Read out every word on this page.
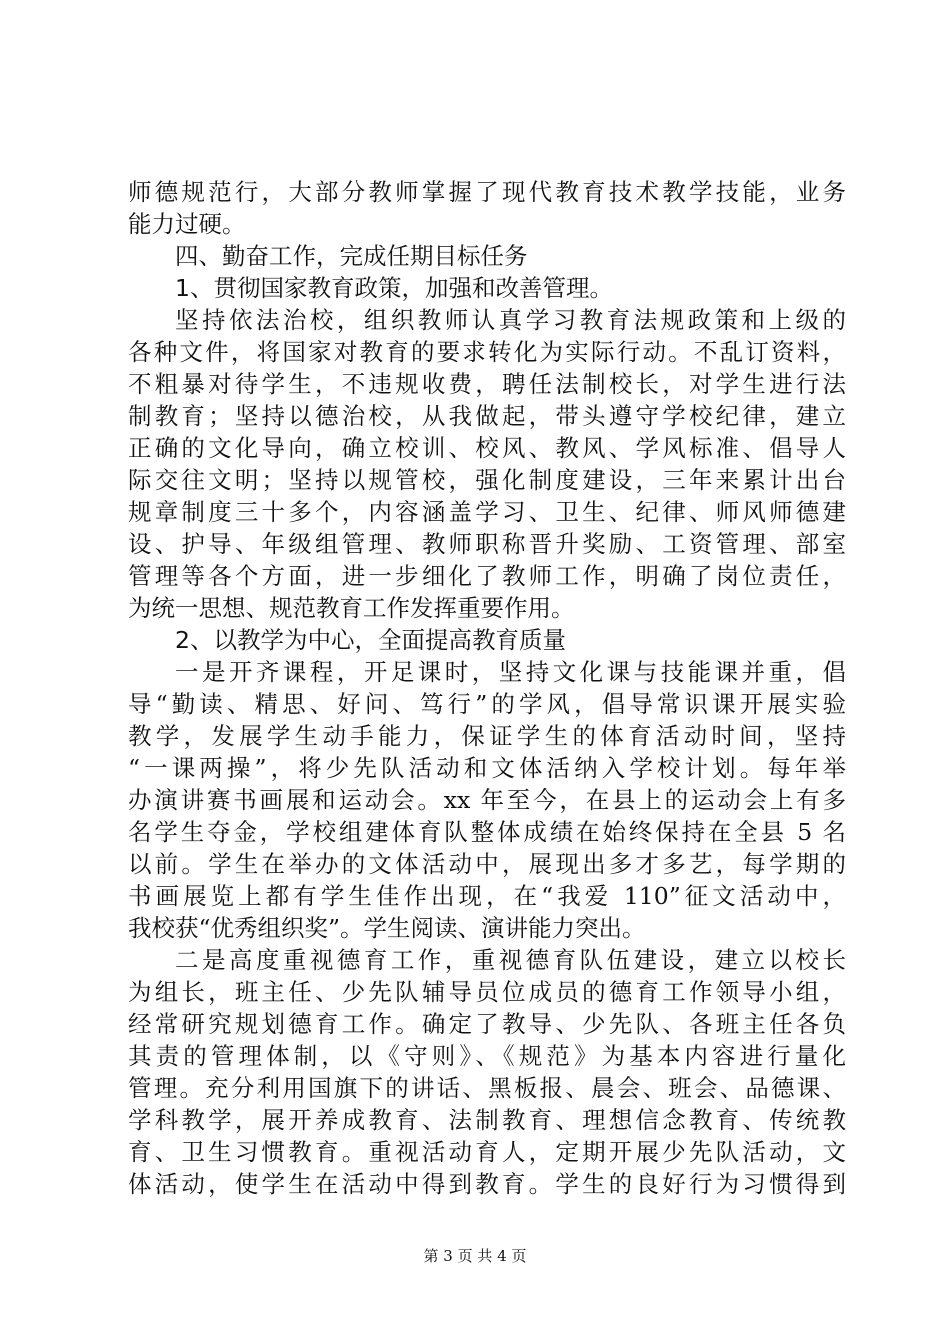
师德规范行，大部分教师掌握了现代教育技术教学技能，业务
能力过硬。
四、勤奋工作，完成任期目标任务
1、贯彻国家教育政策，加强和改善管理。
坚持依法治校，组织教师认真学习教育法规政策和上级的
各种文件，将国家对教育的要求转化为实际行动。不乱订资料，
不粗暴对待学生，不违规收费，聘任法制校长，对学生进行法
制教育；坚持以德治校，从我做起，带头遵守学校纪律，建立
正确的文化导向，确立校训、校风、教风、学风标准、倡导人
际交往文明；坚持以规管校，强化制度建设，三年来累计出台
规章制度三十多个，内容涵盖学习、卫生、纪律、师风师德建
设、护导、年级组管理、教师职称晋升奖励、工资管理、部室
管理等各个方面，进一步细化了教师工作，明确了岗位责任，
为统一思想、规范教育工作发挥重要作用。
2、以教学为中心，全面提高教育质量
一是开齐课程，开足课时，坚持文化课与技能课并重，倡
导“勤读、精思、好问、笃行”的学风，倡导常识课开展实验
教学，发展学生动手能力，保证学生的体育活动时间，坚持
“一课两操”，将少先队活动和文体活纳入学校计划。每年举
办演讲赛书画展和运动会。xx 年至今，在县上的运动会上有多
名学生夺金，学校组建体育队整体成绩在始终保持在全县 5 名
以前。学生在举办的文体活动中，展现出多才多艺，每学期的
书画展览上都有学生佳作出现，在“我爱 110”征文活动中，
我校获“优秀组织奖”。学生阅读、演讲能力突出。
二是高度重视德育工作，重视德育队伍建设，建立以校长
为组长，班主任、少先队辅导员位成员的德育工作领导小组，
经常研究规划德育工作。确定了教导、少先队、各班主任各负
其责的管理体制，以《守则》、《规范》为基本内容进行量化
管理。充分利用国旗下的讲话、黑板报、晨会、班会、品德课、
学科教学，展开养成教育、法制教育、理想信念教育、传统教
育、卫生习惯教育。重视活动育人，定期开展少先队活动，文
体活动，使学生在活动中得到教育。学生的良好行为习惯得到
第 3 页 共 4 页
